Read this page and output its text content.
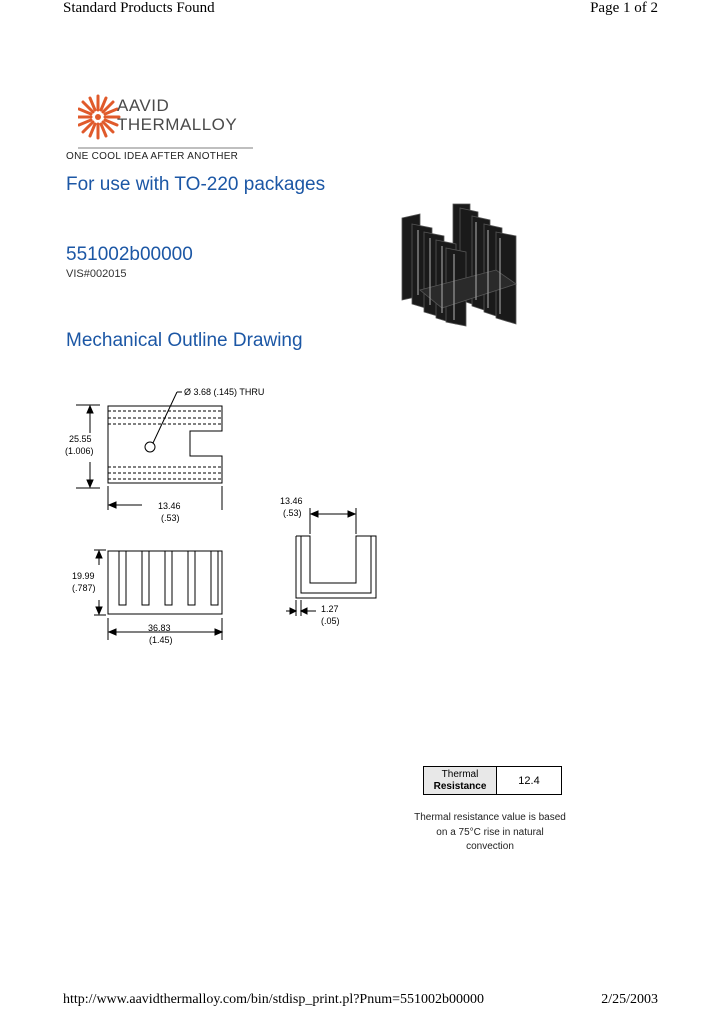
Standard Products Found	Page 1 of 2
AAVID
THERMALLOY
ONE COOL IDEA AFTER ANOTHER
For use with TO-220 packages
551002b00000
VIS#002015
Mechanical Outline Drawing
Ø 3.68 (.145) THRU
25.55
(1.006)
13.46
(.53)
19.99
(.787)
36.83
(1.45)
13.46
(.53)
1.27
(.05)
Thermal
Resistance	12.4
Thermal resistance value is based
on a 75°C rise in natural
convection
http://www.aavidthermalloy.com/bin/stdisp_print.pl?Pnum=551002b00000	2/25/2003
